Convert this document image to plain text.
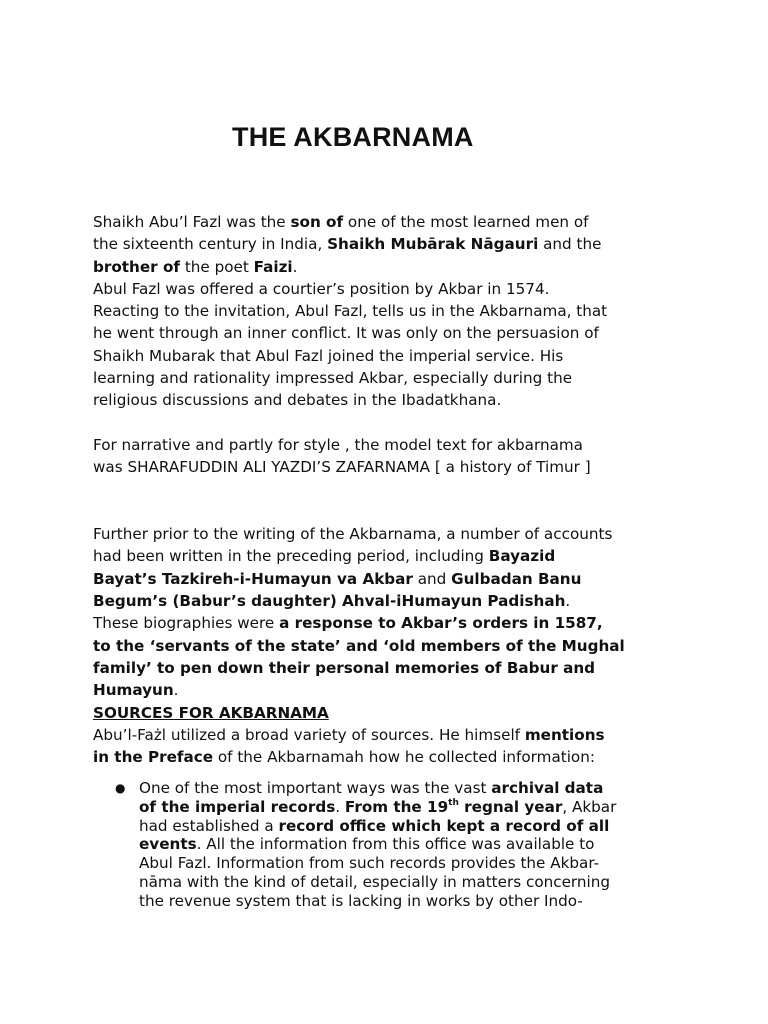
THE AKBARNAMA
Shaikh Abu’l Fazl was the son of one of the most learned men of
the sixteenth century in India, Shaikh Mubārak Nāgauri and the
brother of the poet Faizi.
Abul Fazl was offered a courtier’s position by Akbar in 1574.
Reacting to the invitation, Abul Fazl, tells us in the Akbarnama, that
he went through an inner conflict. It was only on the persuasion of
Shaikh Mubarak that Abul Fazl joined the imperial service. His
learning and rationality impressed Akbar, especially during the
religious discussions and debates in the Ibadatkhana.
For narrative and partly for style , the model text for akbarnama
was SHARAFUDDIN ALI YAZDI’S ZAFARNAMA [ a history of Timur ]
Further prior to the writing of the Akbarnama, a number of accounts
had been written in the preceding period, including Bayazid
Bayat’s Tazkireh-i-Humayun va Akbar and Gulbadan Banu
Begum’s (Babur’s daughter) Ahval-iHumayun Padishah.
These biographies were a response to Akbar’s orders in 1587,
to the ‘servants of the state’ and ‘old members of the Mughal
family’ to pen down their personal memories of Babur and
Humayun.
SOURCES FOR AKBARNAMA
Abu’l-Fażl utilized a broad variety of sources. He himself mentions
in the Preface of the Akbarnamah how he collected information:
● One of the most important ways was the vast archival data
of the imperial records. From the 19th regnal year, Akbar
had established a record office which kept a record of all
events. All the information from this office was available to
Abul Fazl. Information from such records provides the Akbar-
nāma with the kind of detail, especially in matters concerning
the revenue system that is lacking in works by other Indo-
